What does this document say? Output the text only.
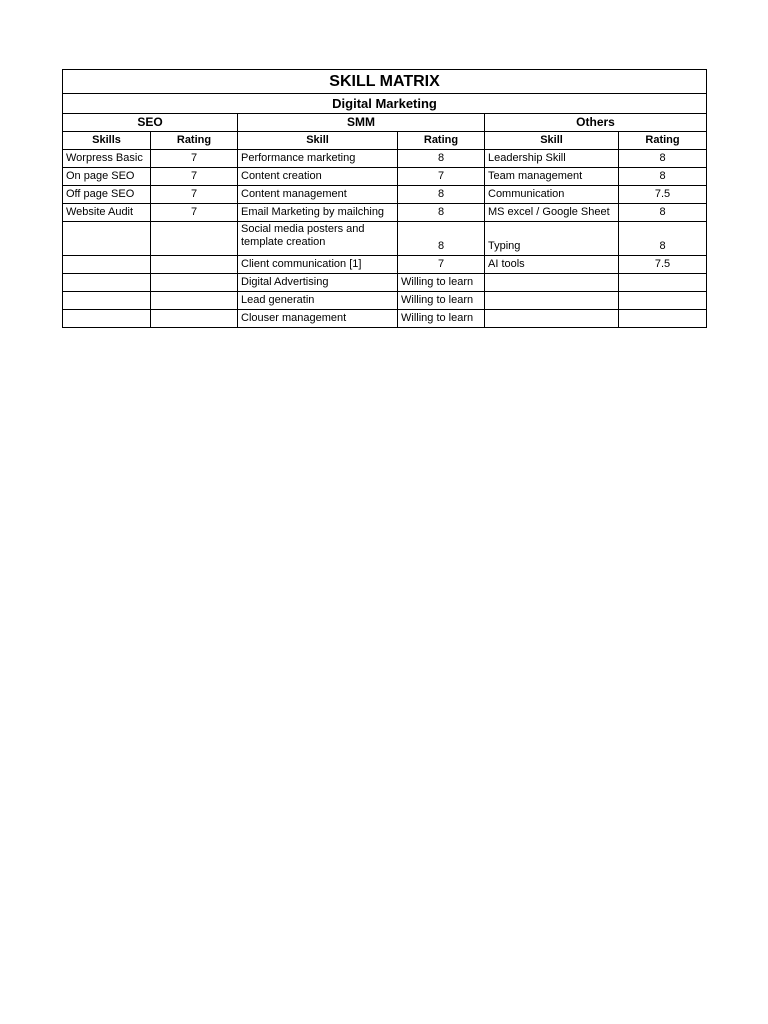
SKILL MATRIX					
Digital Marketing					
SEO		SMM		Others	
Skills	Rating	Skill	Rating	Skill	Rating
Worpress Basic	7	Performance marketing	8	Leadership Skill	8
On page SEO	7	Content creation	7	Team management	8
Off page SEO	7	Content management	8	Communication	7.5
Website Audit	7	Email Marketing by mailching	8	MS excel / Google Sheet	8
		Social media posters and template creation	8	Typing	8
		Client communication [1]	7	AI tools	7.5
		Digital Advertising	Willing to learn		
		Lead generatin	Willing to learn		
		Clouser management	Willing to learn		
